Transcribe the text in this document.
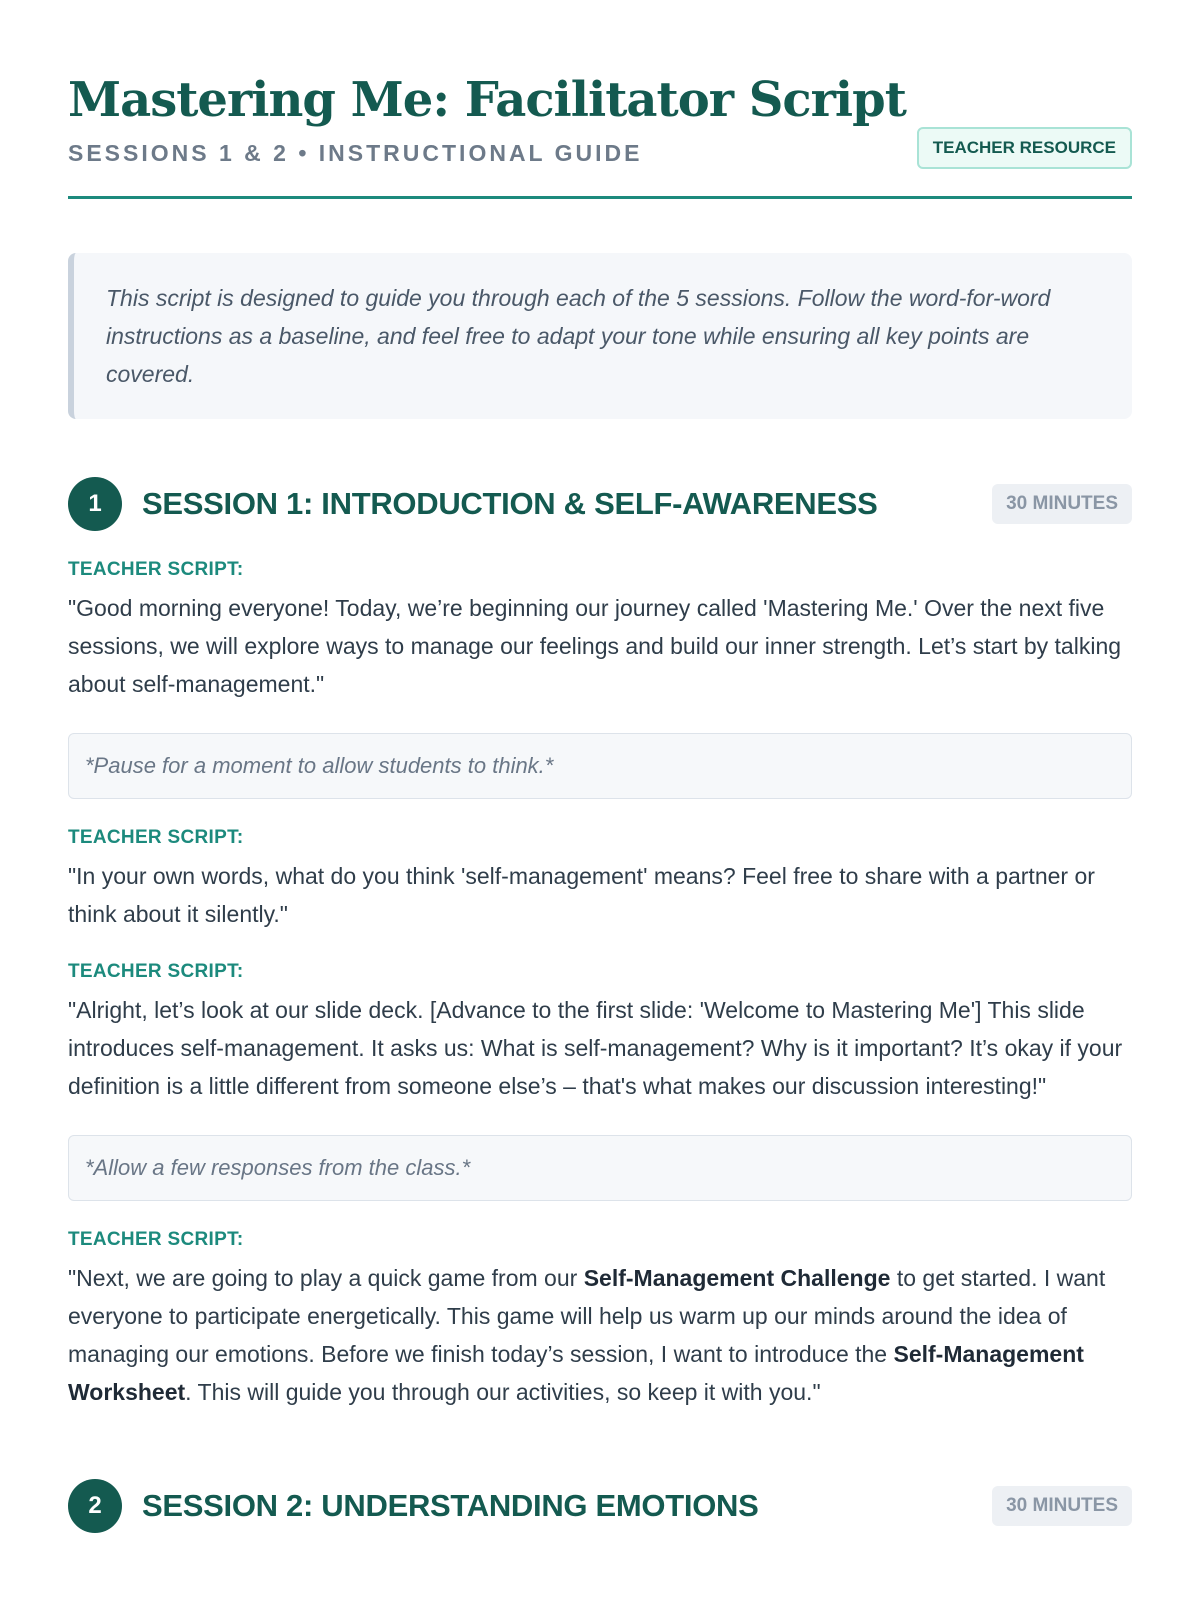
Mastering Me: Facilitator Script
SESSIONS 1 & 2 • INSTRUCTIONAL GUIDE	TEACHER RESOURCE
This script is designed to guide you through each of the 5 sessions. Follow the word-for-word instructions as a baseline, and feel free to adapt your tone while ensuring all key points are covered.
1	SESSION 1: INTRODUCTION & SELF-AWARENESS	30 MINUTES
TEACHER SCRIPT:
"Good morning everyone! Today, we’re beginning our journey called 'Mastering Me.' Over the next five sessions, we will explore ways to manage our feelings and build our inner strength. Let’s start by talking about self-management."
*Pause for a moment to allow students to think.*
TEACHER SCRIPT:
"In your own words, what do you think 'self-management' means? Feel free to share with a partner or think about it silently."
TEACHER SCRIPT:
"Alright, let’s look at our slide deck. [Advance to the first slide: 'Welcome to Mastering Me'] This slide introduces self-management. It asks us: What is self-management? Why is it important? It’s okay if your definition is a little different from someone else’s – that's what makes our discussion interesting!"
*Allow a few responses from the class.*
TEACHER SCRIPT:
"Next, we are going to play a quick game from our Self-Management Challenge to get started. I want everyone to participate energetically. This game will help us warm up our minds around the idea of managing our emotions. Before we finish today’s session, I want to introduce the Self-Management Worksheet. This will guide you through our activities, so keep it with you."
2	SESSION 2: UNDERSTANDING EMOTIONS	30 MINUTES
